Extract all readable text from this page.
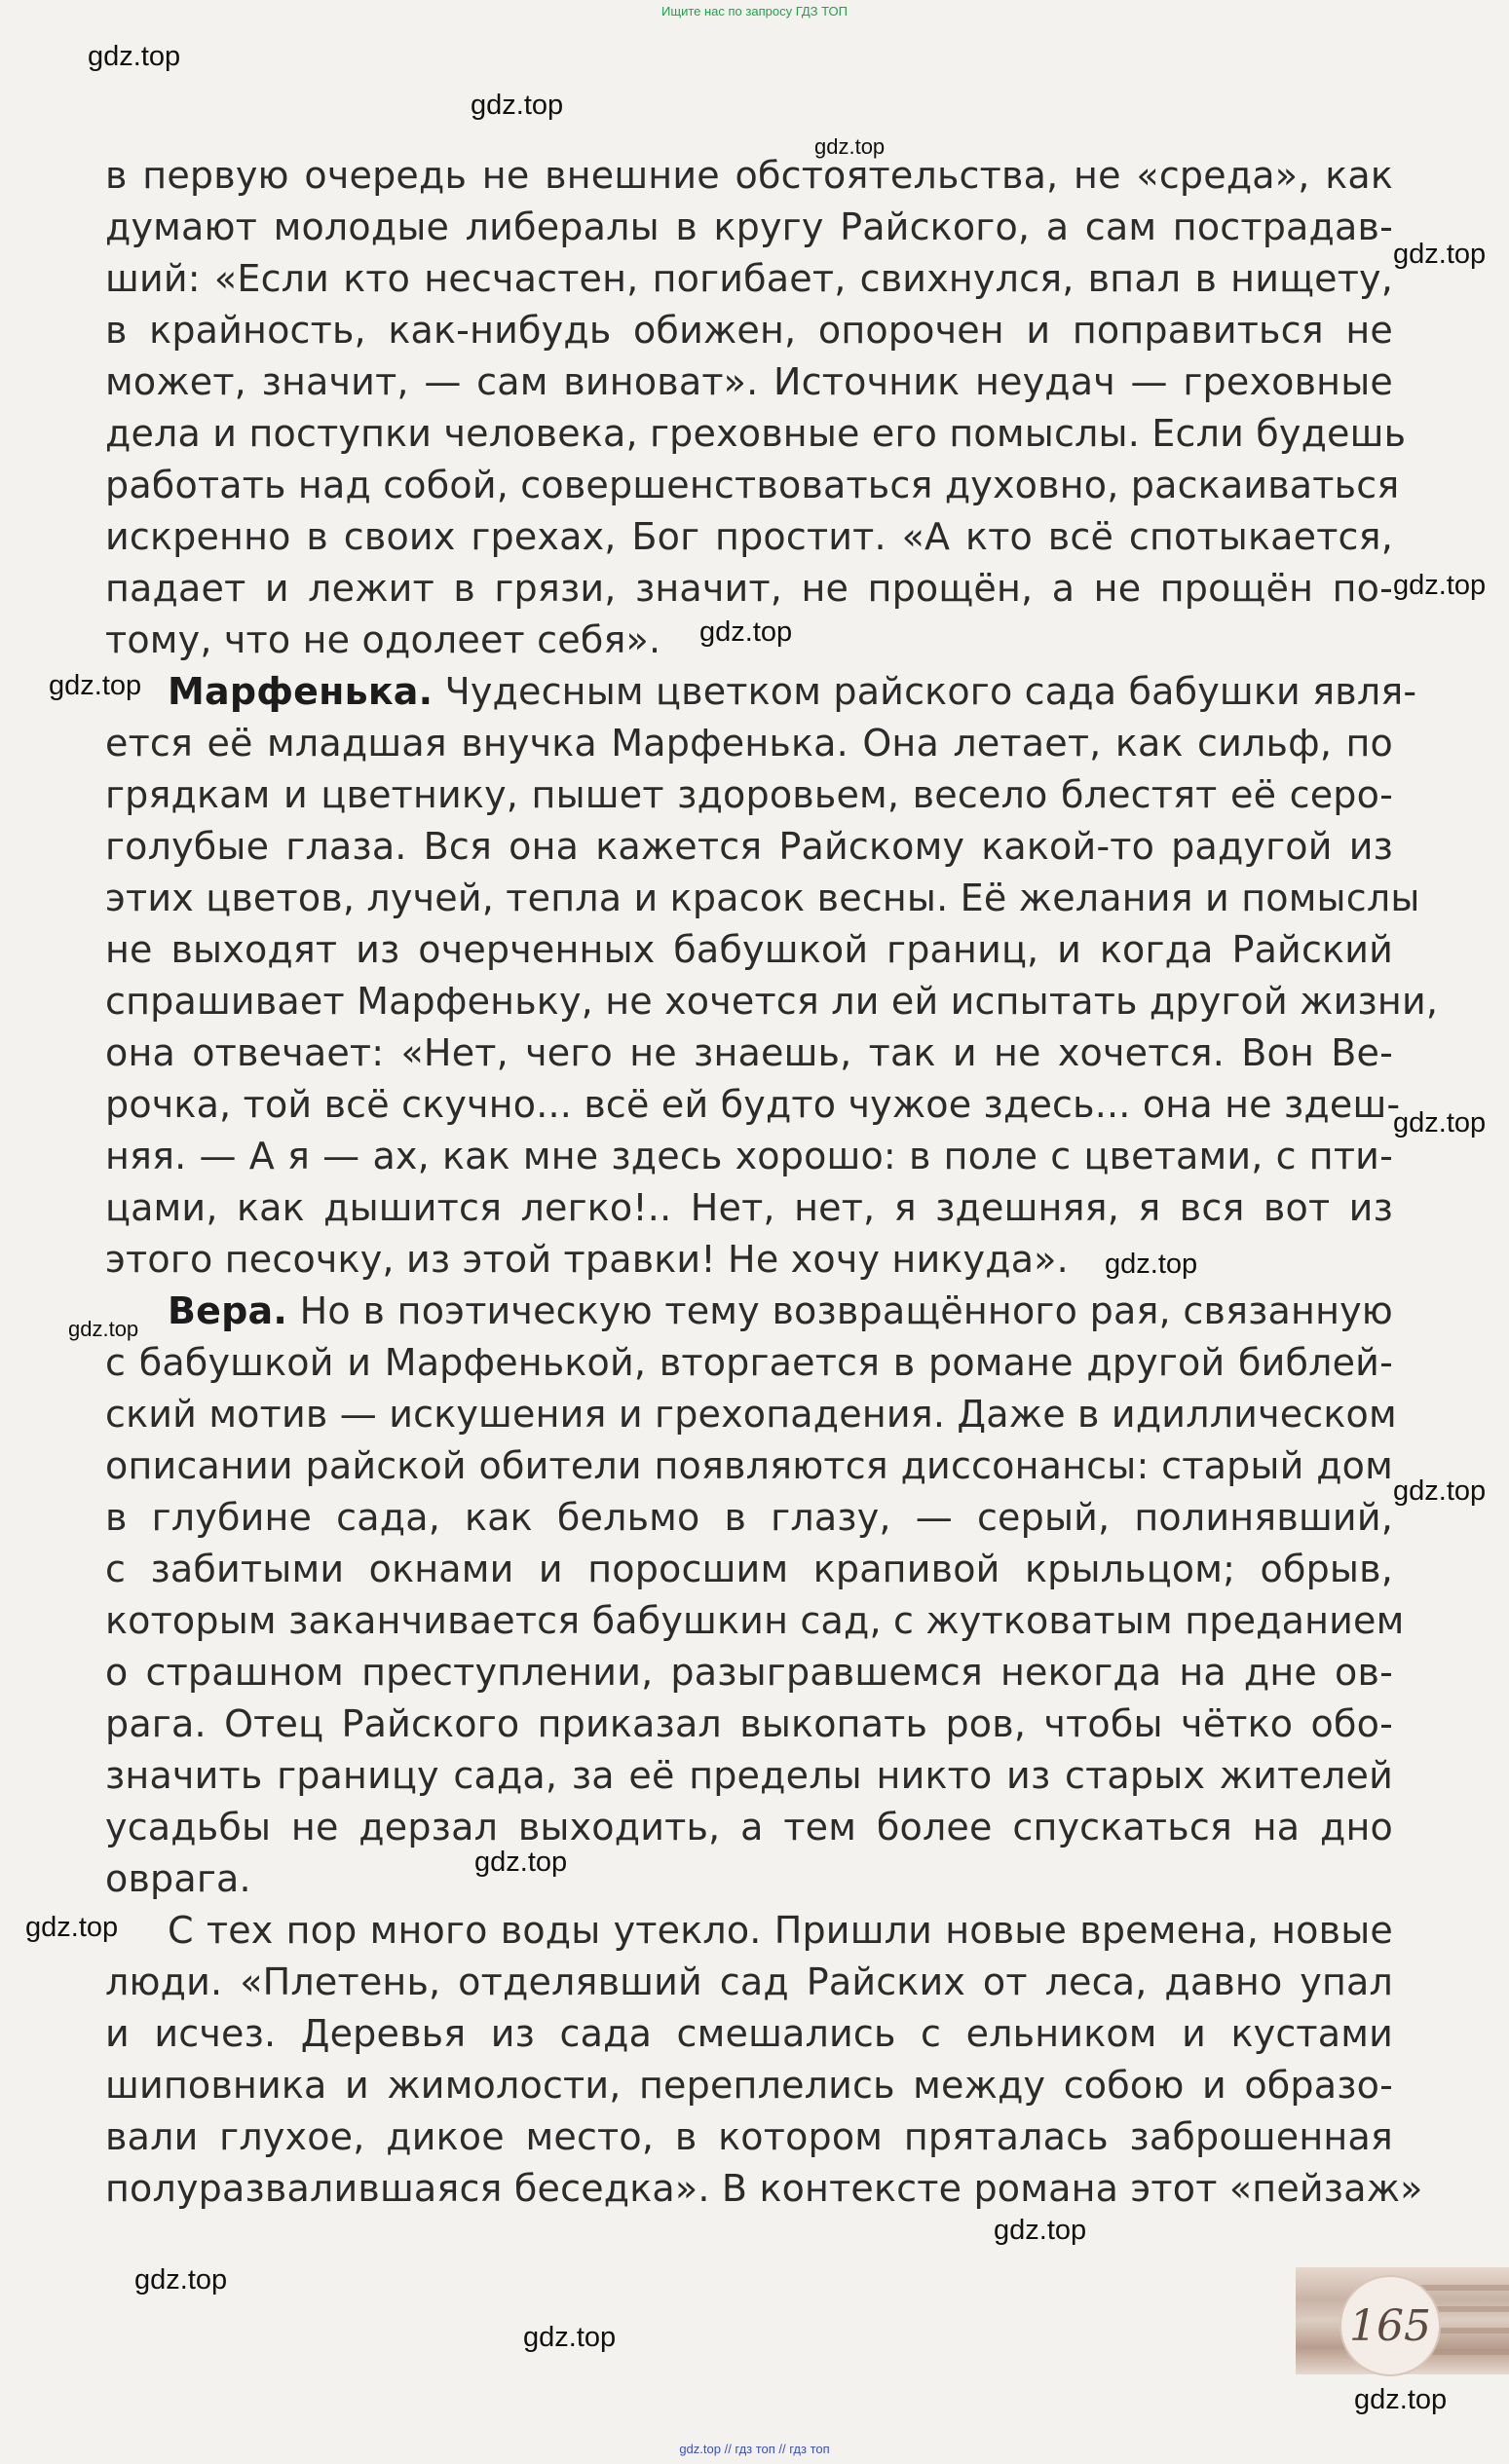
Ищите нас по запросу ГДЗ ТОП
в первую очередь не внешние обстоятельства, не «среда», как
думают молодые либералы в кругу Райского, а сам пострадав-
ший: «Если кто несчастен, погибает, свихнулся, впал в нищету,
в крайность, как-нибудь обижен, опорочен и поправиться не
может, значит, — сам виноват». Источник неудач — греховные
дела и поступки человека, греховные его помыслы. Если будешь
работать над собой, совершенствоваться духовно, раскаиваться
искренно в своих грехах, Бог простит. «А кто всё спотыкается,
падает и лежит в грязи, значит, не прощён, а не прощён по-
тому, что не одолеет себя».
Марфенька. Чудесным цветком райского сада бабушки явля-
ется её младшая внучка Марфенька. Она летает, как сильф, по
грядкам и цветнику, пышет здоровьем, весело блестят её серо-
голубые глаза. Вся она кажется Райскому какой-то радугой из
этих цветов, лучей, тепла и красок весны. Её желания и помыслы
не выходят из очерченных бабушкой границ, и когда Райский
спрашивает Марфеньку, не хочется ли ей испытать другой жизни,
она отвечает: «Нет, чего не знаешь, так и не хочется. Вон Ве-
рочка, той всё скучно... всё ей будто чужое здесь... она не здеш-
няя. — А я — ах, как мне здесь хорошо: в поле с цветами, с пти-
цами, как дышится легко!.. Нет, нет, я здешняя, я вся вот из
этого песочку, из этой травки! Не хочу никуда».
Вера. Но в поэтическую тему возвращённого рая, связанную
с бабушкой и Марфенькой, вторгается в романе другой библей-
ский мотив — искушения и грехопадения. Даже в идиллическом
описании райской обители появляются диссонансы: старый дом
в глубине сада, как бельмо в глазу, — серый, полинявший,
с забитыми окнами и поросшим крапивой крыльцом; обрыв,
которым заканчивается бабушкин сад, с жутковатым преданием
о страшном преступлении, разыгравшемся некогда на дне ов-
рага. Отец Райского приказал выкопать ров, чтобы чётко обо-
значить границу сада, за её пределы никто из старых жителей
усадьбы не дерзал выходить, а тем более спускаться на дно
оврага.
С тех пор много воды утекло. Пришли новые времена, новые
люди. «Плетень, отделявший сад Райских от леса, давно упал
и исчез. Деревья из сада смешались с ельником и кустами
шиповника и жимолости, переплелись между собою и образо-
вали глухое, дикое место, в котором пряталась заброшенная
полуразвалившаяся беседка». В контексте романа этот «пейзаж»
gdz.top
gdz.top
gdz.top
gdz.top
gdz.top
gdz.top
gdz.top
gdz.top
gdz.top
gdz.top
gdz.top
gdz.top
gdz.top
gdz.top
gdz.top
gdz.top
gdz.top
165
gdz.top // гдз топ // гдз топ
